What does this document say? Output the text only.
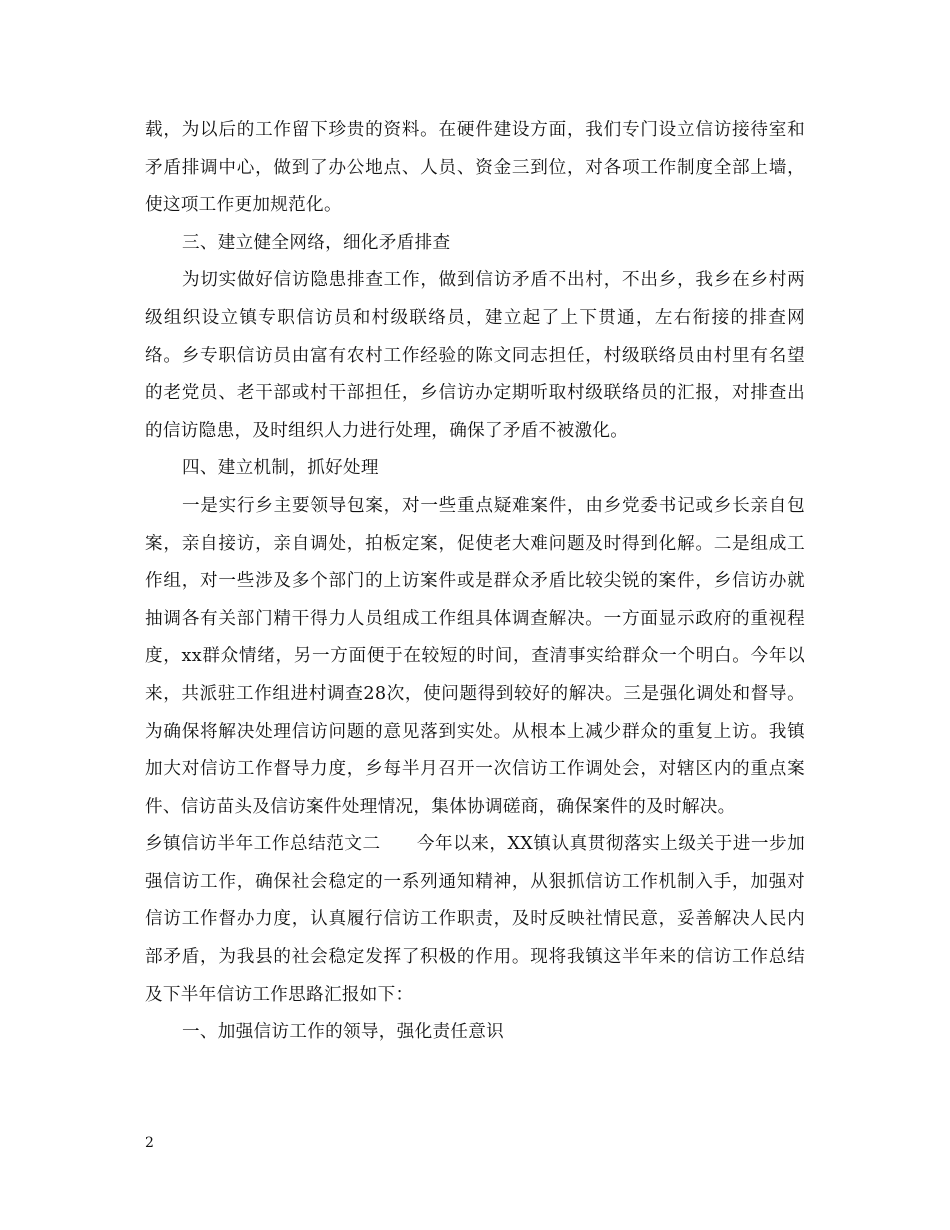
载，为以后的工作留下珍贵的资料。在硬件建设方面，我们专门设立信访接待室和矛盾排调中心，做到了办公地点、人员、资金三到位，对各项工作制度全部上墙，使这项工作更加规范化。

三、建立健全网络，细化矛盾排查

为切实做好信访隐患排查工作，做到信访矛盾不出村，不出乡，我乡在乡村两级组织设立镇专职信访员和村级联络员，建立起了上下贯通，左右衔接的排查网络。乡专职信访员由富有农村工作经验的陈文同志担任，村级联络员由村里有名望的老党员、老干部或村干部担任，乡信访办定期听取村级联络员的汇报，对排查出的信访隐患，及时组织人力进行处理，确保了矛盾不被激化。

四、建立机制，抓好处理

一是实行乡主要领导包案，对一些重点疑难案件，由乡党委书记或乡长亲自包案，亲自接访，亲自调处，拍板定案，促使老大难问题及时得到化解。二是组成工作组，对一些涉及多个部门的上访案件或是群众矛盾比较尖锐的案件，乡信访办就抽调各有关部门精干得力人员组成工作组具体调查解决。一方面显示政府的重视程度，xx群众情绪，另一方面便于在较短的时间，查清事实给群众一个明白。今年以来，共派驻工作组进村调查28次，使问题得到较好的解决。三是强化调处和督导。为确保将解决处理信访问题的意见落到实处。从根本上减少群众的重复上访。我镇加大对信访工作督导力度，乡每半月召开一次信访工作调处会，对辖区内的重点案件、信访苗头及信访案件处理情况，集体协调磋商，确保案件的及时解决。

乡镇信访半年工作总结范文二　　今年以来，XX镇认真贯彻落实上级关于进一步加强信访工作，确保社会稳定的一系列通知精神，从狠抓信访工作机制入手，加强对信访工作督办力度，认真履行信访工作职责，及时反映社情民意，妥善解决人民内部矛盾，为我县的社会稳定发挥了积极的作用。现将我镇这半年来的信访工作总结及下半年信访工作思路汇报如下：

一、加强信访工作的领导，强化责任意识

2
